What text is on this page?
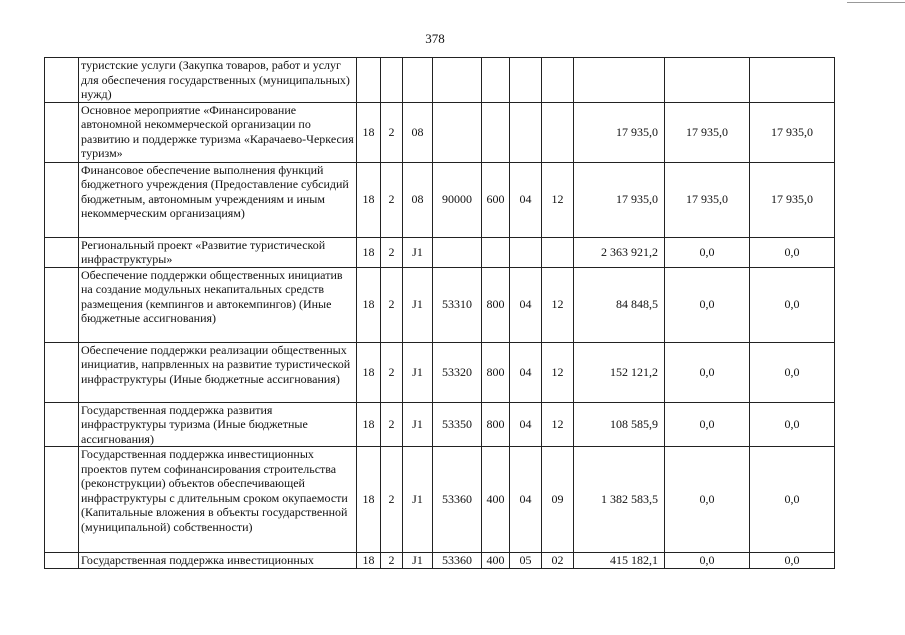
378
	туристские услуги (Закупка товаров, работ и услуг для обеспечения государственных (муниципальных) нужд)										
	Основное мероприятие «Финансирование автономной некоммерческой организации по развитию и поддержке туризма «Карачаево-Черкесия туризм»	18	2	08					17 935,0	17 935,0	17 935,0
	Финансовое обеспечение выполнения функций бюджетного учреждения (Предоставление субсидий бюджетным, автономным учреждениям и иным некоммерческим организациям)	18	2	08	90000	600	04	12	17 935,0	17 935,0	17 935,0
	Региональный проект «Развитие туристической инфраструктуры»	18	2	J1					2 363 921,2	0,0	0,0
	Обеспечение поддержки общественных инициатив на создание модульных некапитальных средств размещения (кемпингов и автокемпингов) (Иные бюджетные ассигнования)	18	2	J1	53310	800	04	12	84 848,5	0,0	0,0
	Обеспечение поддержки реализации общественных инициатив, напрвленных на развитие туристической инфраструктуры (Иные бюджетные ассигнования)	18	2	J1	53320	800	04	12	152 121,2	0,0	0,0
	Государственная поддержка развития инфраструктуры туризма (Иные бюджетные ассигнования)	18	2	J1	53350	800	04	12	108 585,9	0,0	0,0
	Государственная поддержка инвестиционных проектов путем софинансирования строительства (реконструкции) объектов обеспечивающей инфраструктуры с длительным сроком окупаемости (Капитальные вложения в объекты государственной (муниципальной) собственности)	18	2	J1	53360	400	04	09	1 382 583,5	0,0	0,0
	Государственная поддержка инвестиционных	18	2	J1	53360	400	05	02	415 182,1	0,0	0,0
